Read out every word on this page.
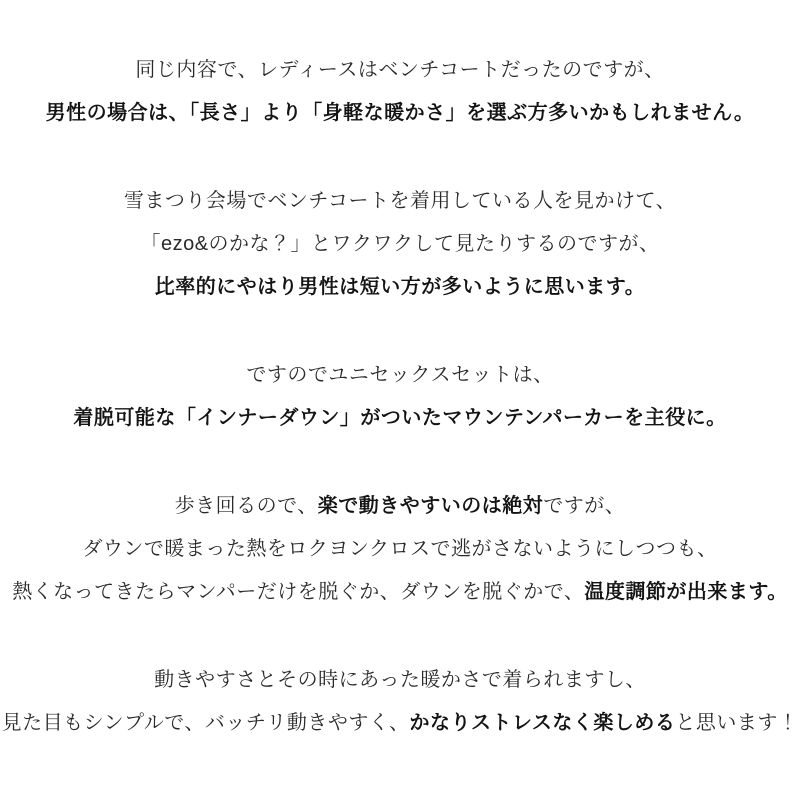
同じ内容で、レディースはベンチコートだったのですが、
男性の場合は、「長さ」より「身軽な暖かさ」を選ぶ方多いかもしれません。

雪まつり会場でベンチコートを着用している人を見かけて、
「ezo&のかな？」とワクワクして見たりするのですが、
比率的にやはり男性は短い方が多いように思います。

ですのでユニセックスセットは、
着脱可能な「インナーダウン」がついたマウンテンパーカーを主役に。

歩き回るので、楽で動きやすいのは絶対ですが、
ダウンで暖まった熱をロクヨンクロスで逃がさないようにしつつも、
熱くなってきたらマンパーだけを脱ぐか、ダウンを脱ぐかで、温度調節が出来ます。

動きやすさとその時にあった暖かさで着られますし、
見た目もシンプルで、バッチリ動きやすく、かなりストレスなく楽しめると思います！
